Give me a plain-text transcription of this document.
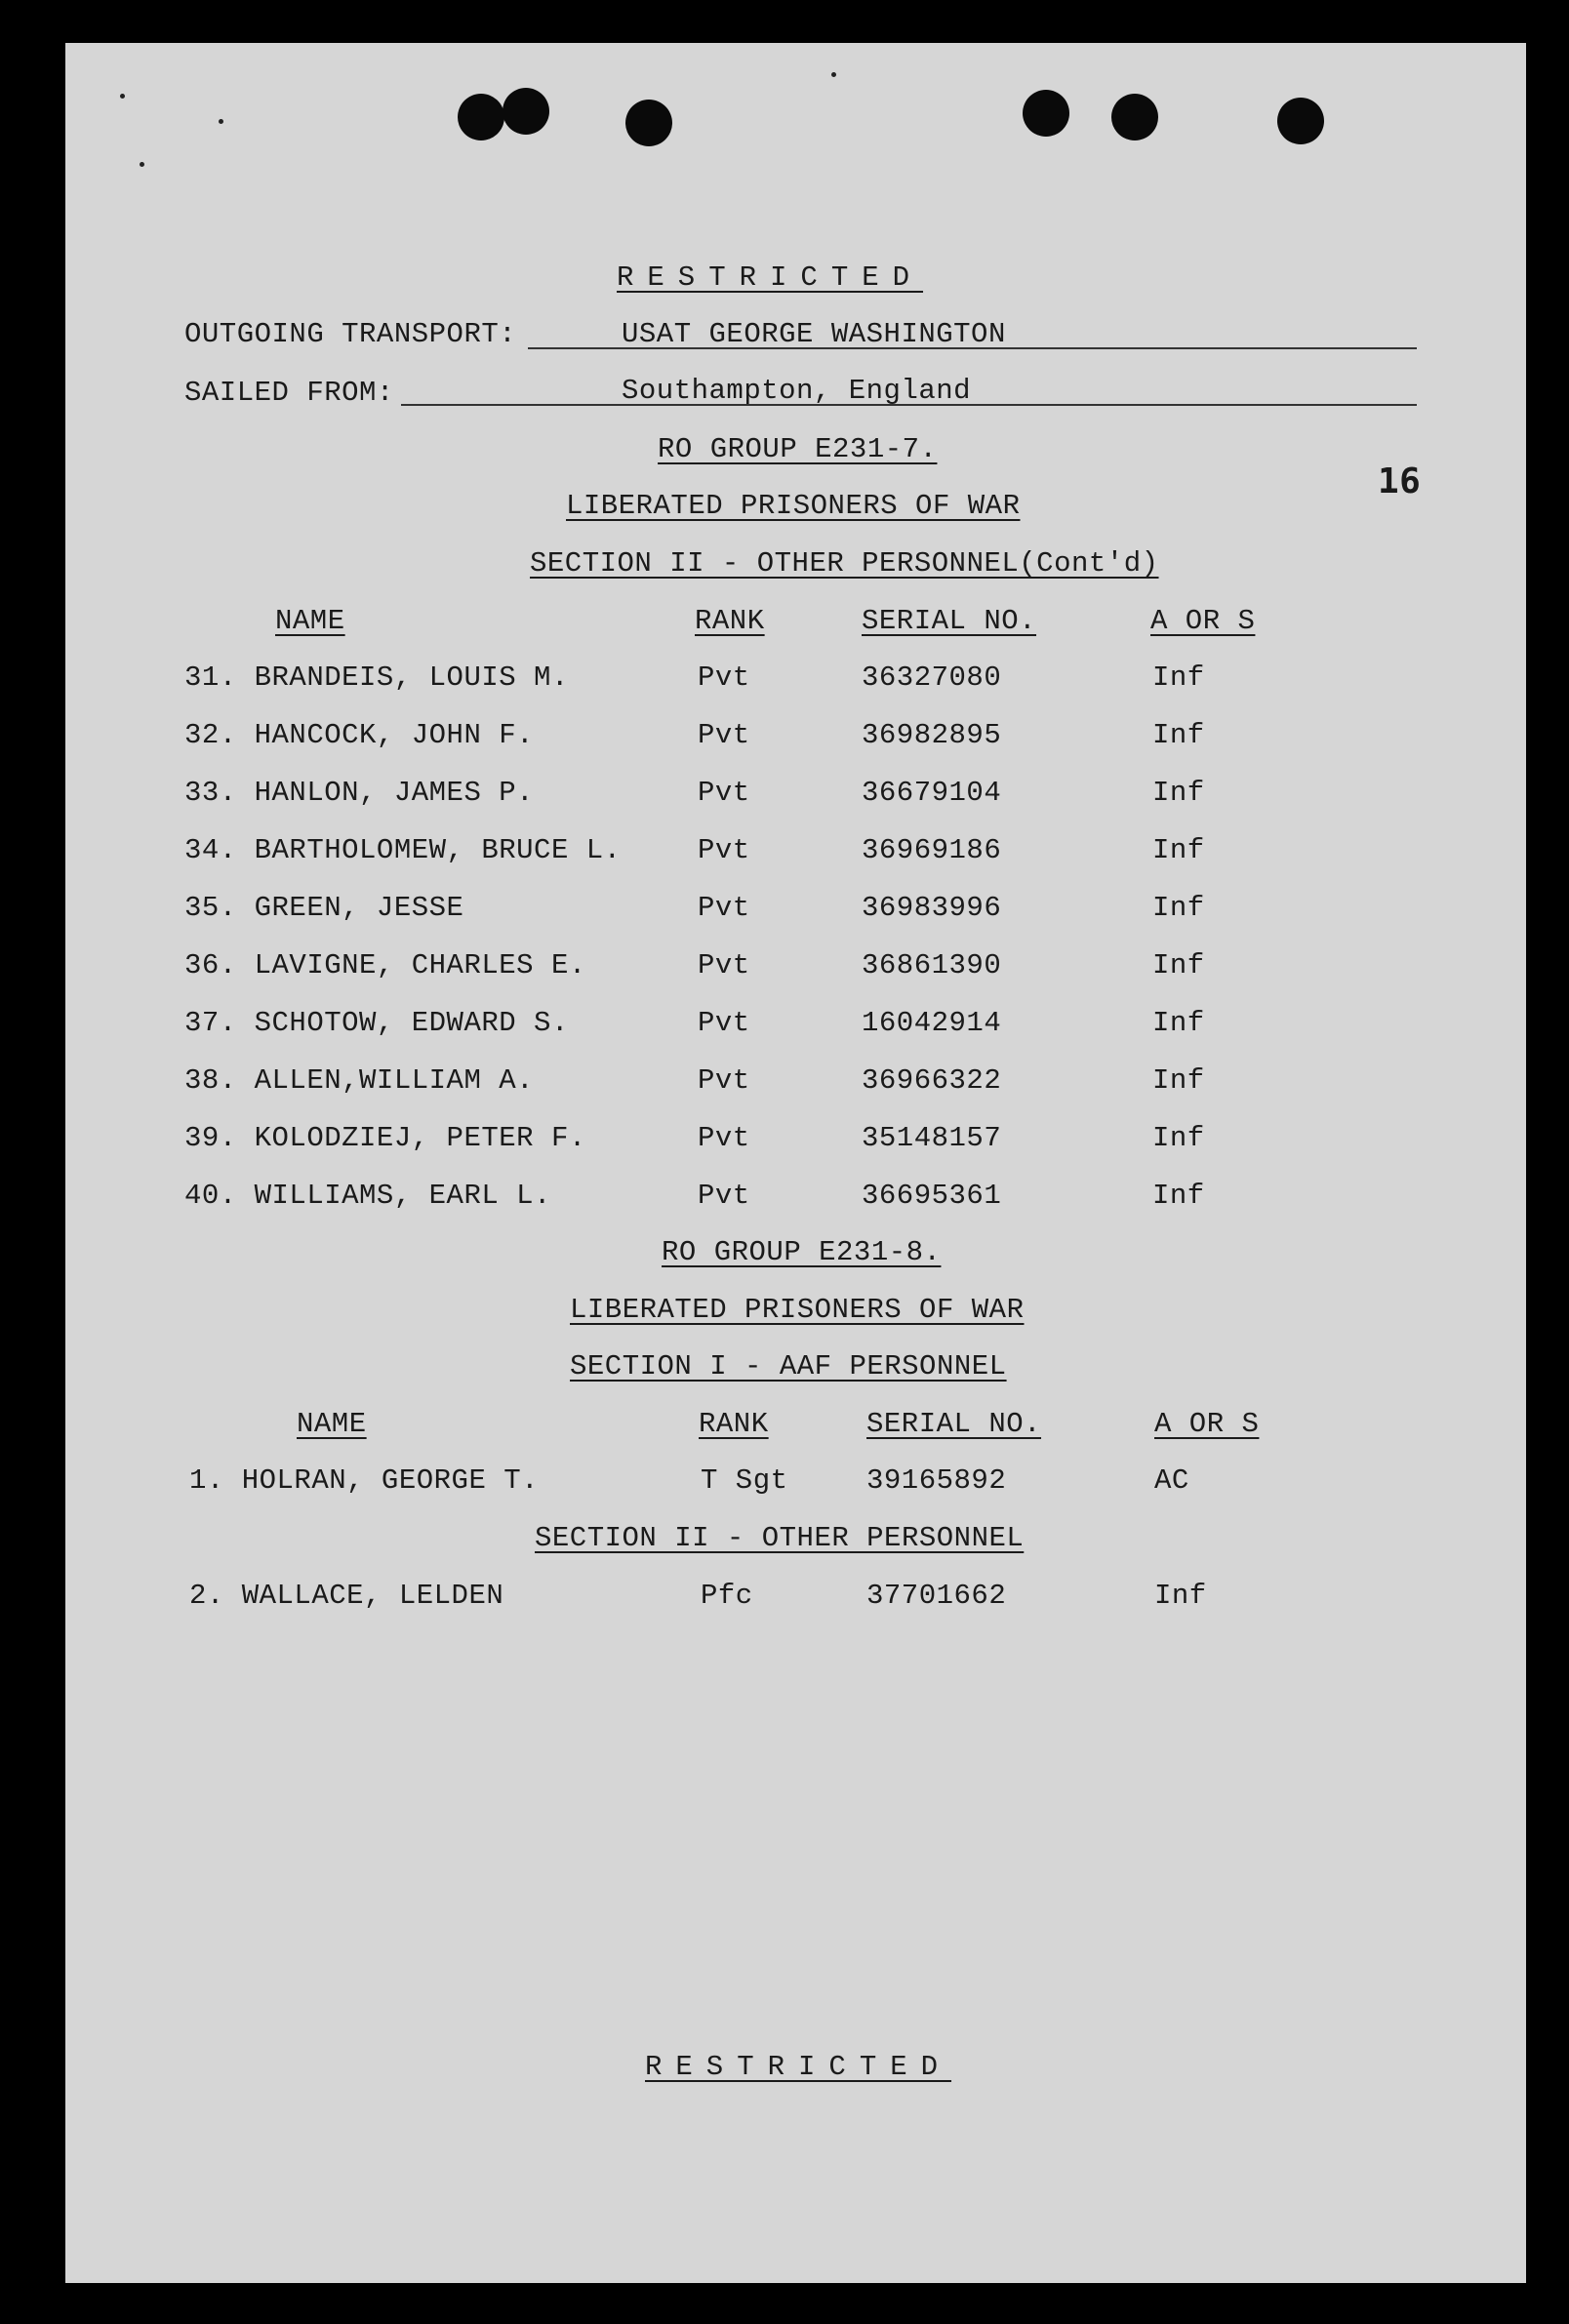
RESTRICTED
OUTGOING TRANSPORT:	USAT GEORGE WASHINGTON
SAILED FROM:	Southampton, England
16
RO GROUP E231-7.
LIBERATED PRISONERS OF WAR
SECTION II - OTHER PERSONNEL(Cont'd)
NAME	RANK	SERIAL NO.	A OR S
31. BRANDEIS, LOUIS M.	Pvt	36327080	Inf
32. HANCOCK, JOHN F.	Pvt	36982895	Inf
33. HANLON, JAMES P.	Pvt	36679104	Inf
34. BARTHOLOMEW, BRUCE L.	Pvt	36969186	Inf
35. GREEN, JESSE	Pvt	36983996	Inf
36. LAVIGNE, CHARLES E.	Pvt	36861390	Inf
37. SCHOTOW, EDWARD S.	Pvt	16042914	Inf
38. ALLEN,WILLIAM A.	Pvt	36966322	Inf
39. KOLODZIEJ, PETER F.	Pvt	35148157	Inf
40. WILLIAMS, EARL L.	Pvt	36695361	Inf
RO GROUP E231-8.
LIBERATED PRISONERS OF WAR
SECTION I - AAF PERSONNEL
NAME	RANK	SERIAL NO.	A OR S
1. HOLRAN, GEORGE T.	T Sgt	39165892	AC
SECTION II - OTHER PERSONNEL
2. WALLACE, LELDEN	Pfc	37701662	Inf
RESTRICTED
